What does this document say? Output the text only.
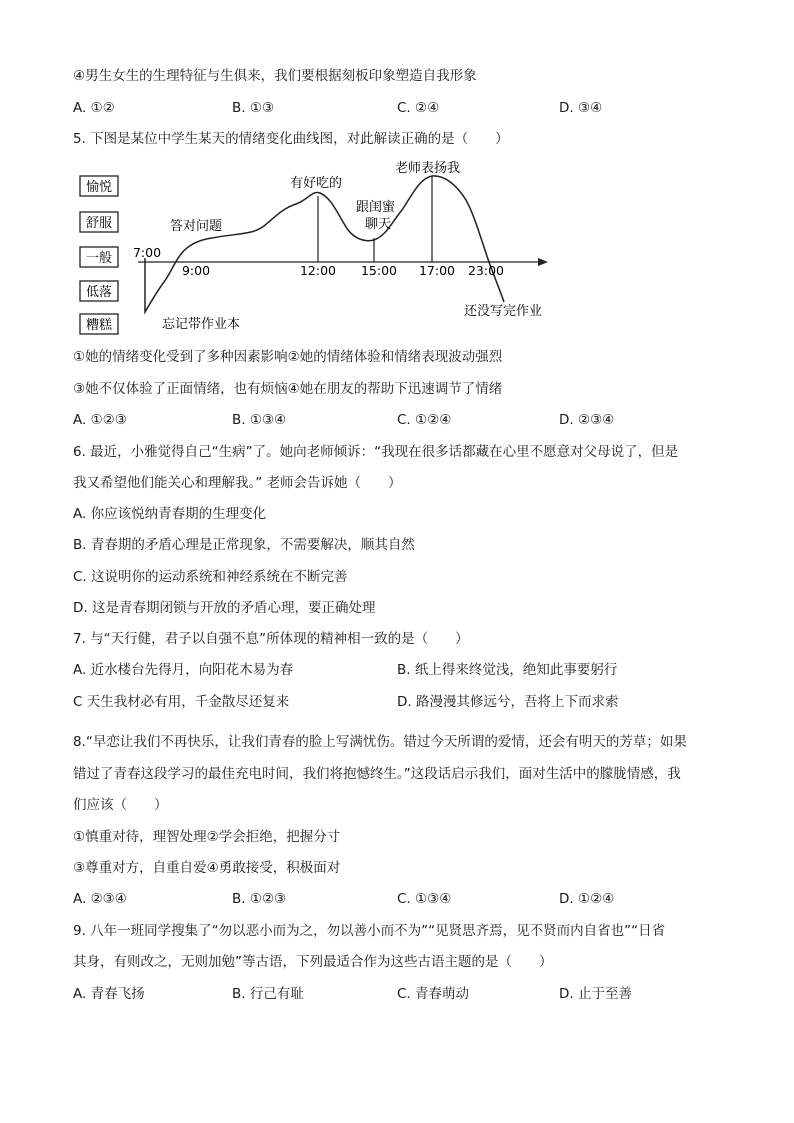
④男生女生的生理特征与生俱来，我们要根据刻板印象塑造自我形象
A. ①②	B. ①③	C. ②④	D. ③④
5. 下图是某位中学生某天的情绪变化曲线图，对此解读正确的是（　　）
愉悦
舒服
一般
低落
糟糕
7:00
9:00	12:00 15:00 17:00 23:00
忘记带作业本
答对问题
有好吃的
跟闺蜜
聊天
老师表扬我
还没写完作业
①她的情绪变化受到了多种因素影响②她的情绪体验和情绪表现波动强烈
③她不仅体验了正面情绪，也有烦恼④她在朋友的帮助下迅速调节了情绪
A. ①②③	B. ①③④	C. ①②④	D. ②③④
6. 最近，小雅觉得自己“生病”了。她向老师倾诉：“我现在很多话都藏在心里不愿意对父母说了，但是
我又希望他们能关心和理解我。” 老师会告诉她（　　）
A. 你应该悦纳青春期的生理变化
B. 青春期的矛盾心理是正常现象，不需要解决，顺其自然
C. 这说明你的运动系统和神经系统在不断完善
D. 这是青春期闭锁与开放的矛盾心理，要正确处理
7. 与“天行健，君子以自强不息”所体现的精神相一致的是（　　）
A. 近水楼台先得月，向阳花木易为春	B. 纸上得来终觉浅，绝知此事要躬行
C 天生我材必有用，千金散尽还复来	D. 路漫漫其修远兮，吾将上下而求索
8.“早恋让我们不再快乐，让我们青春的脸上写满忧伤。错过今天所谓的爱情，还会有明天的芳草；如果
错过了青春这段学习的最佳充电时间，我们将抱憾终生。”这段话启示我们，面对生活中的朦胧情感，我
们应该（　　）
①慎重对待，理智处理②学会拒绝，把握分寸
③尊重对方，自重自爱④勇敢接受，积极面对
A. ②③④	B. ①②③	C. ①③④	D. ①②④
9. 八年一班同学搜集了“勿以恶小而为之，勿以善小而不为”“见贤思齐焉，见不贤而内自省也”“日省
其身，有则改之，无则加勉”等古语，下列最适合作为这些古语主题的是（　　）
A. 青春飞扬	B. 行己有耻	C. 青春萌动	D. 止于至善
